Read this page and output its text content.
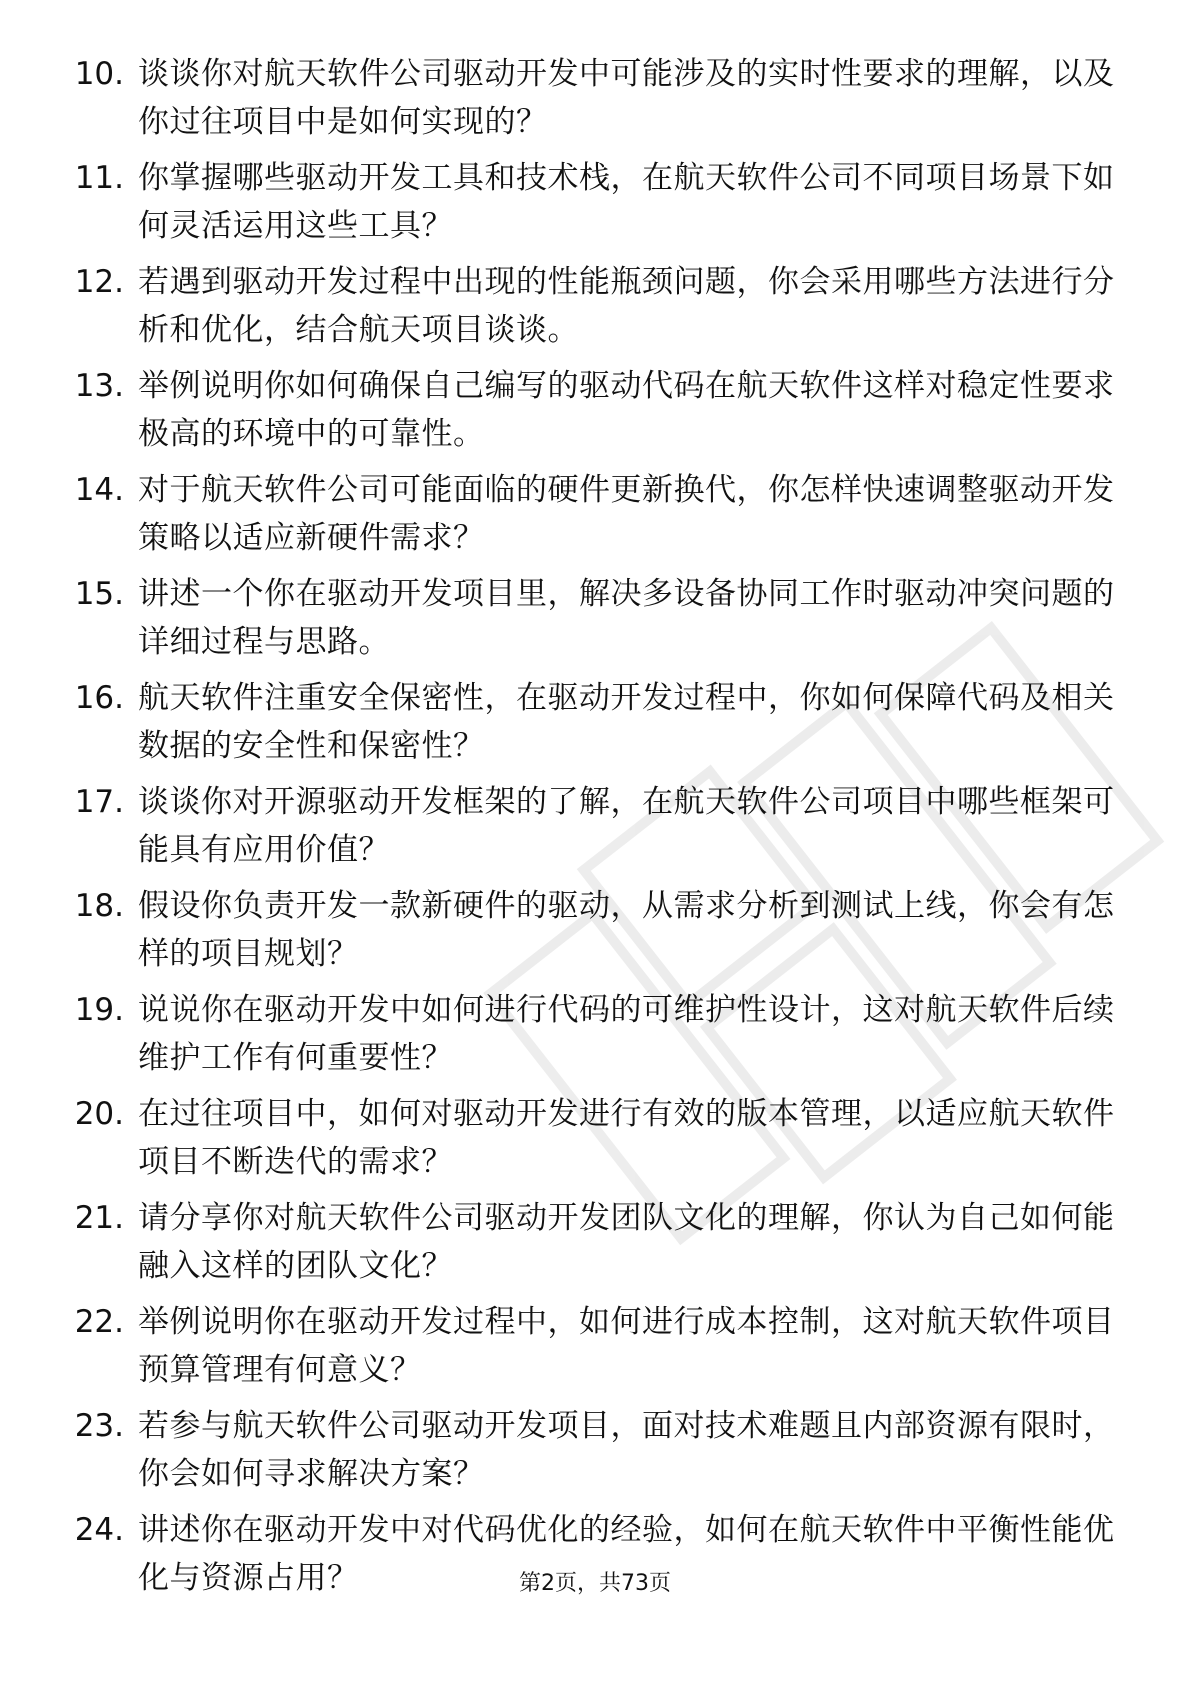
10. 谈谈你对航天软件公司驱动开发中可能涉及的实时性要求的理解，以及你过往项目中是如何实现的？
11. 你掌握哪些驱动开发工具和技术栈，在航天软件公司不同项目场景下如何灵活运用这些工具？
12. 若遇到驱动开发过程中出现的性能瓶颈问题，你会采用哪些方法进行分析和优化，结合航天项目谈谈。
13. 举例说明你如何确保自己编写的驱动代码在航天软件这样对稳定性要求极高的环境中的可靠性。
14. 对于航天软件公司可能面临的硬件更新换代，你怎样快速调整驱动开发策略以适应新硬件需求？
15. 讲述一个你在驱动开发项目里，解决多设备协同工作时驱动冲突问题的详细过程与思路。
16. 航天软件注重安全保密性，在驱动开发过程中，你如何保障代码及相关数据的安全性和保密性？
17. 谈谈你对开源驱动开发框架的了解，在航天软件公司项目中哪些框架可能具有应用价值？
18. 假设你负责开发一款新硬件的驱动，从需求分析到测试上线，你会有怎样的项目规划？
19. 说说你在驱动开发中如何进行代码的可维护性设计，这对航天软件后续维护工作有何重要性？
20. 在过往项目中，如何对驱动开发进行有效的版本管理，以适应航天软件项目不断迭代的需求？
21. 请分享你对航天软件公司驱动开发团队文化的理解，你认为自己如何能融入这样的团队文化？
22. 举例说明你在驱动开发过程中，如何进行成本控制，这对航天软件项目预算管理有何意义？
23. 若参与航天软件公司驱动开发项目，面对技术难题且内部资源有限时，你会如何寻求解决方案？
24. 讲述你在驱动开发中对代码优化的经验，如何在航天软件中平衡性能优化与资源占用？	第2页，共73页
